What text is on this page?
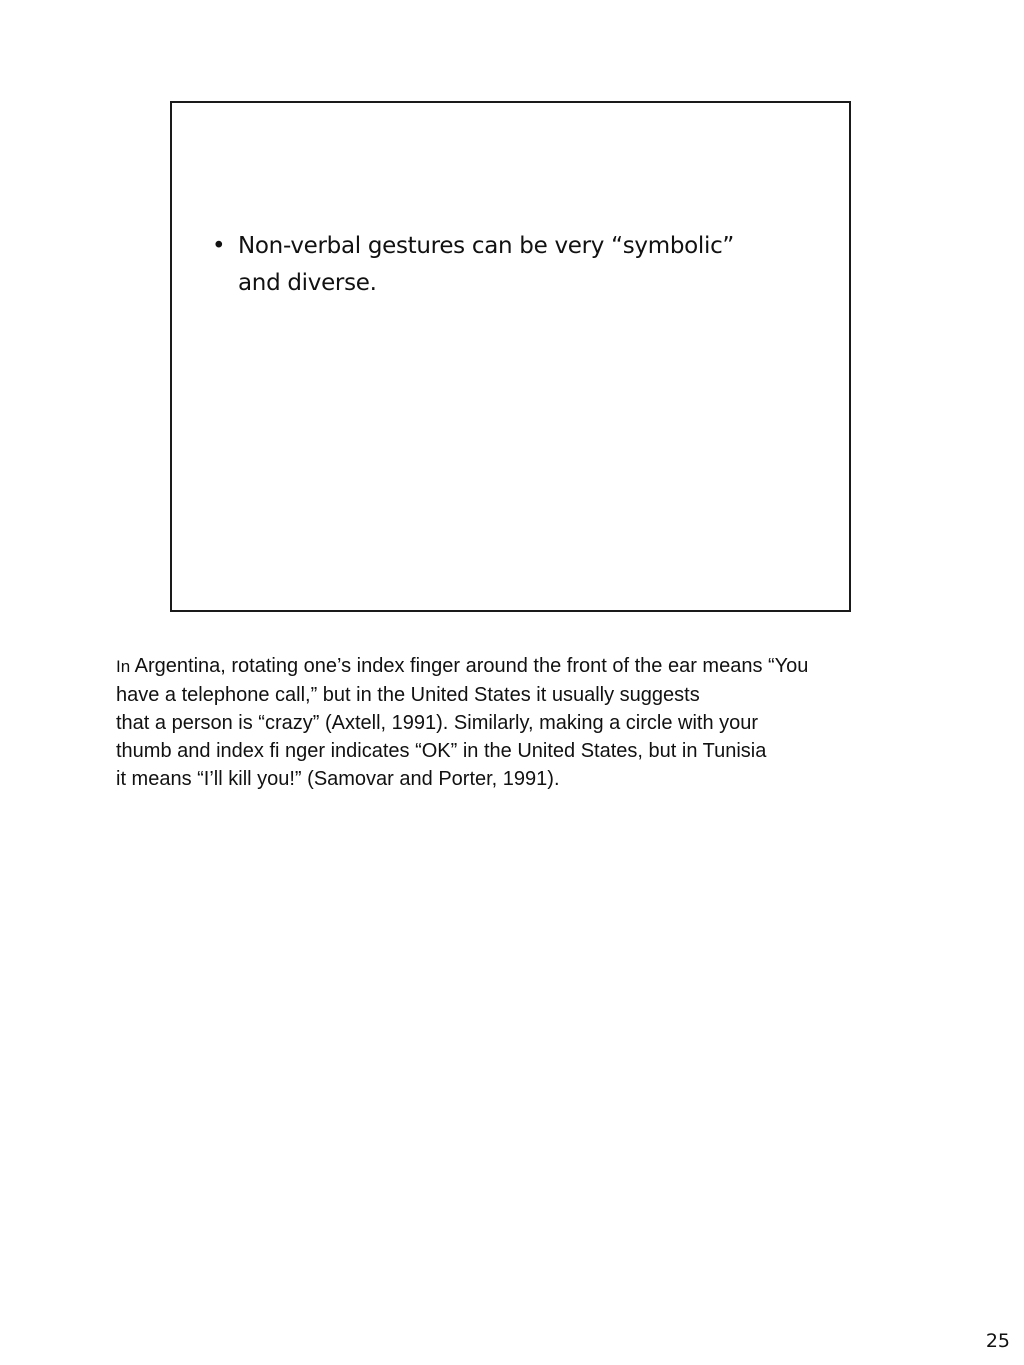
• Non-verbal gestures can be very “symbolic” and diverse.
In Argentina, rotating one’s index finger around the front of the ear means “You
have a telephone call,” but in the United States it usually suggests
that a person is “crazy” (Axtell, 1991). Similarly, making a circle with your
thumb and index fi nger indicates “OK” in the United States, but in Tunisia
it means “I’ll kill you!” (Samovar and Porter, 1991).
25
